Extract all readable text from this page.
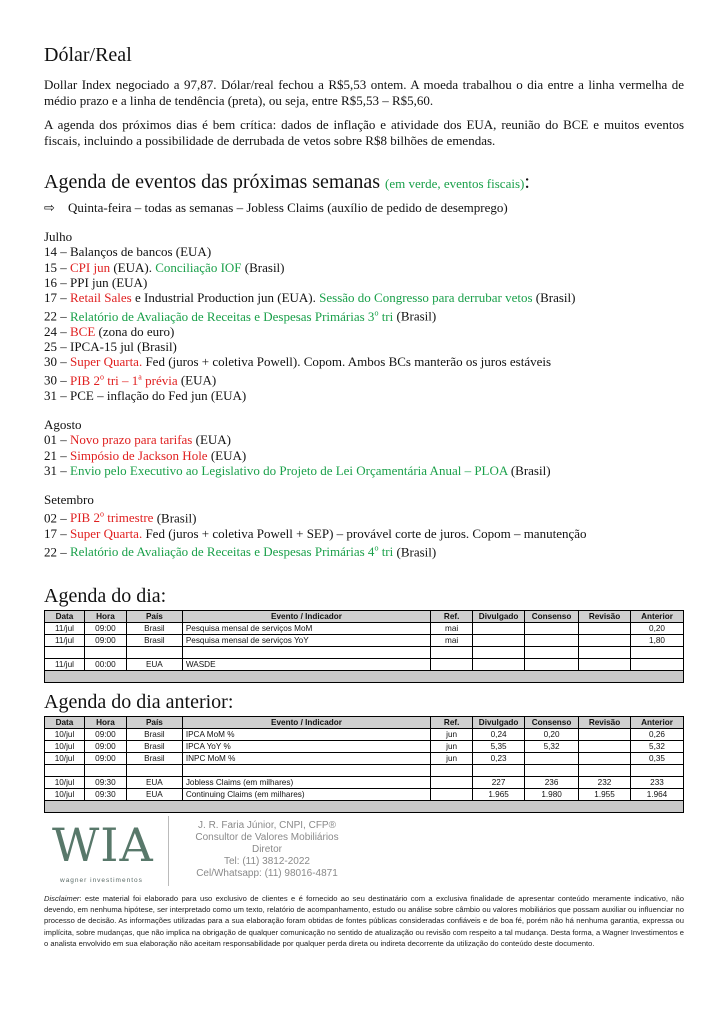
Dólar/Real

Dollar Index negociado a 97,87. Dólar/real fechou a R$5,53 ontem. A moeda trabalhou o dia entre a linha vermelha de médio prazo e a linha de tendência (preta), ou seja, entre R$5,53 – R$5,60.

A agenda dos próximos dias é bem crítica: dados de inflação e atividade dos EUA, reunião do BCE e muitos eventos fiscais, incluindo a possibilidade de derrubada de vetos sobre R$8 bilhões de emendas.

Agenda de eventos das próximas semanas (em verde, eventos fiscais):
⇨ Quinta-feira – todas as semanas – Jobless Claims (auxílio de pedido de desemprego)
Julho
14 – Balanços de bancos (EUA)
15 – CPI jun (EUA). Conciliação IOF (Brasil)
16 – PPI jun (EUA)
17 – Retail Sales e Industrial Production jun (EUA). Sessão do Congresso para derrubar vetos (Brasil)
22 – Relatório de Avaliação de Receitas e Despesas Primárias 3$^o$ tri (Brasil)
24 – BCE (zona do euro)
25 – IPCA-15 jul (Brasil)
30 – Super Quarta. Fed (juros + coletiva Powell). Copom. Ambos BCs manterão os juros estáveis
30 – PIB 2$^o$ tri – 1$^a$ prévia (EUA)
31 – PCE – inflação do Fed jun (EUA)
Agosto
01 – Novo prazo para tarifas (EUA)
21 – Simpósio de Jackson Hole (EUA)
31 – Envio pelo Executivo ao Legislativo do Projeto de Lei Orçamentária Anual – PLOA (Brasil)
Setembro
02 – PIB 2$^o$ trimestre (Brasil)
17 – Super Quarta. Fed (juros + coletiva Powell + SEP) – provável corte de juros. Copom – manutenção
22 – Relatório de Avaliação de Receitas e Despesas Primárias 4$^o$ tri (Brasil)
Agenda do dia:
Data	Hora	País	Evento / Indicador	Ref.	Divulgado	Consenso	Revisão	Anterior
11/jul	09:00	Brasil	Pesquisa mensal de serviços MoM	mai				0,20
11/jul	09:00	Brasil	Pesquisa mensal de serviços YoY	mai				1,80

11/jul	00:00	EUA	WASDE					

Agenda do dia anterior:
Data	Hora	País	Evento / Indicador	Ref.	Divulgado	Consenso	Revisão	Anterior
10/jul	09:00	Brasil	IPCA MoM %	jun	0,24	0,20		0,26
10/jul	09:00	Brasil	IPCA YoY %	jun	5,35	5,32		5,32
10/jul	09:00	Brasil	INPC MoM %	jun	0,23			0,35

10/jul	09:30	EUA	Jobless Claims (em milhares)		227	236	232	233
10/jul	09:30	EUA	Continuing Claims (em milhares)		1.965	1.980	1.955	1.964

WIA
wagner investimentos
J. R. Faria Júnior, CNPI, CFP®
Consultor de Valores Mobiliários
Diretor
Tel: (11) 3812-2022
Cel/Whatsapp: (11) 98016-4871
Disclaimer: este material foi elaborado para uso exclusivo de clientes e é fornecido ao seu destinatário com a exclusiva finalidade de apresentar conteúdo meramente indicativo, não devendo, em nenhuma hipótese, ser interpretado como um texto, relatório de acompanhamento, estudo ou análise sobre câmbio ou valores mobiliários que possam auxiliar ou influenciar no processo de decisão. As informações utilizadas para a sua elaboração foram obtidas de fontes públicas consideradas confiáveis e de boa fé, porém não há nenhuma garantia, expressa ou implícita, sobre mudanças, que não implica na obrigação de qualquer comunicação no sentido de atualização ou revisão com respeito a tal mudança. Desta forma, a Wagner Investimentos e o analista envolvido em sua elaboração não aceitam responsabilidade por qualquer perda direta ou indireta decorrente da utilização do conteúdo deste documento.
